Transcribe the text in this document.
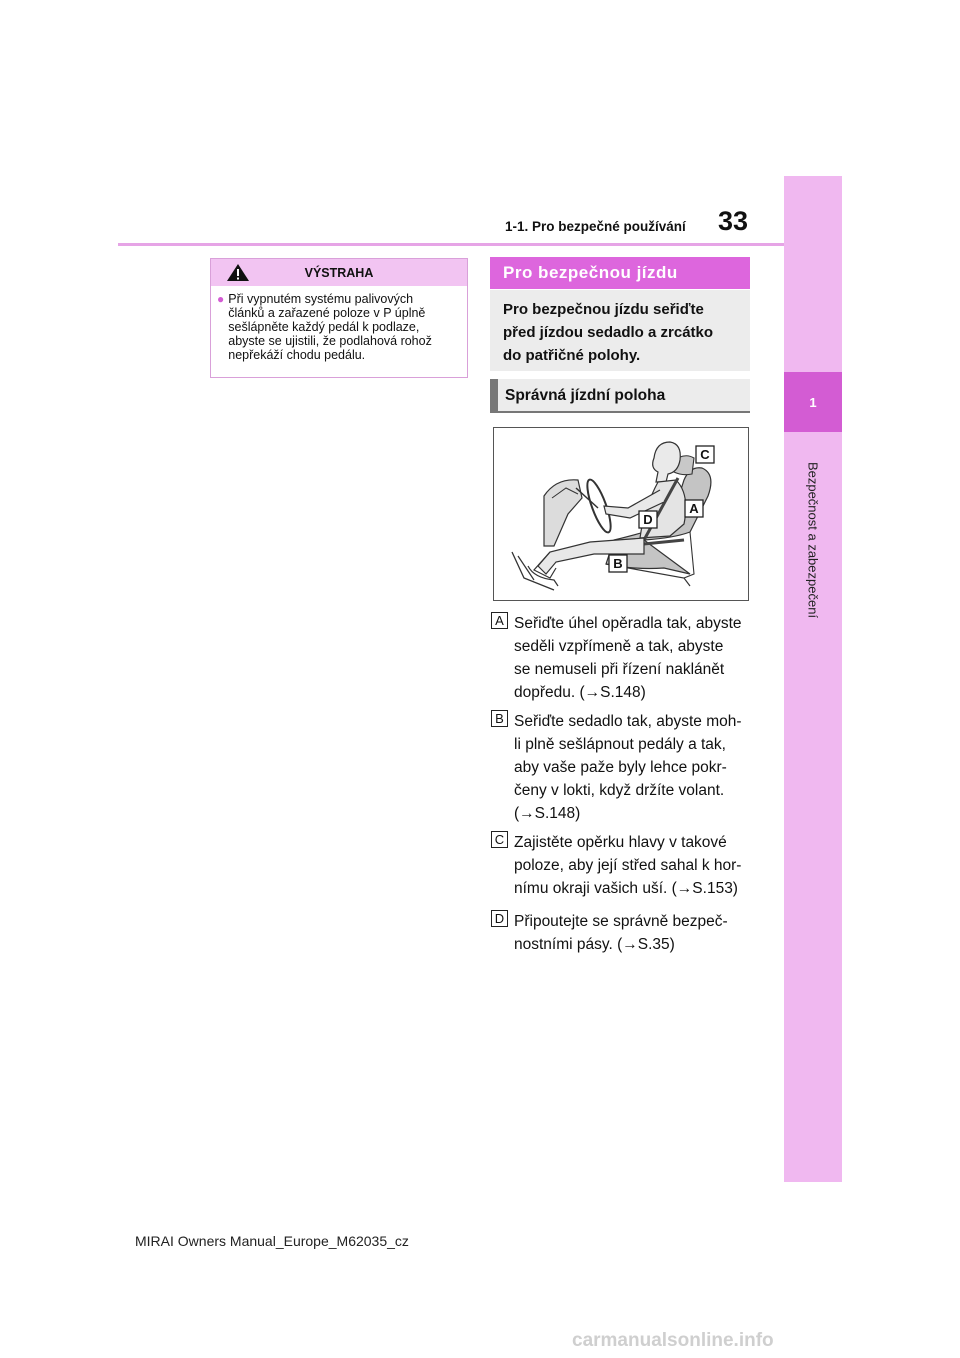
1
Bezpečnost a zabezpečení
33
1-1. Pro bezpečné používání
VÝSTRAHA
● Při vypnutém systému palivových
článků a zařazené poloze v P úplně
sešlápněte každý pedál k podlaze,
abyste se ujistili, že podlahová rohož
nepřekáží chodu pedálu.
Pro bezpečnou jízdu
Pro bezpečnou jízdu seřiďte
před jízdou sedadlo a zrcátko
do patřičné polohy.
Správná jízdní poloha
C
A
D
B
A Seřiďte úhel opěradla tak, abyste
seděli vzpřímeně a tak, abyste
se nemuseli při řízení naklánět
dopředu. (→S.148)
B Seřiďte sedadlo tak, abyste moh-
li plně sešlápnout pedály a tak,
aby vaše paže byly lehce pokr-
čeny v lokti, když držíte volant.
(→S.148)
C Zajistěte opěrku hlavy v takové
poloze, aby její střed sahal k hor-
nímu okraji vašich uší. (→S.153)
D Připoutejte se správně bezpeč-
nostními pásy. (→S.35)
MIRAI Owners Manual_Europe_M62035_cz
carmanualsonline.info
